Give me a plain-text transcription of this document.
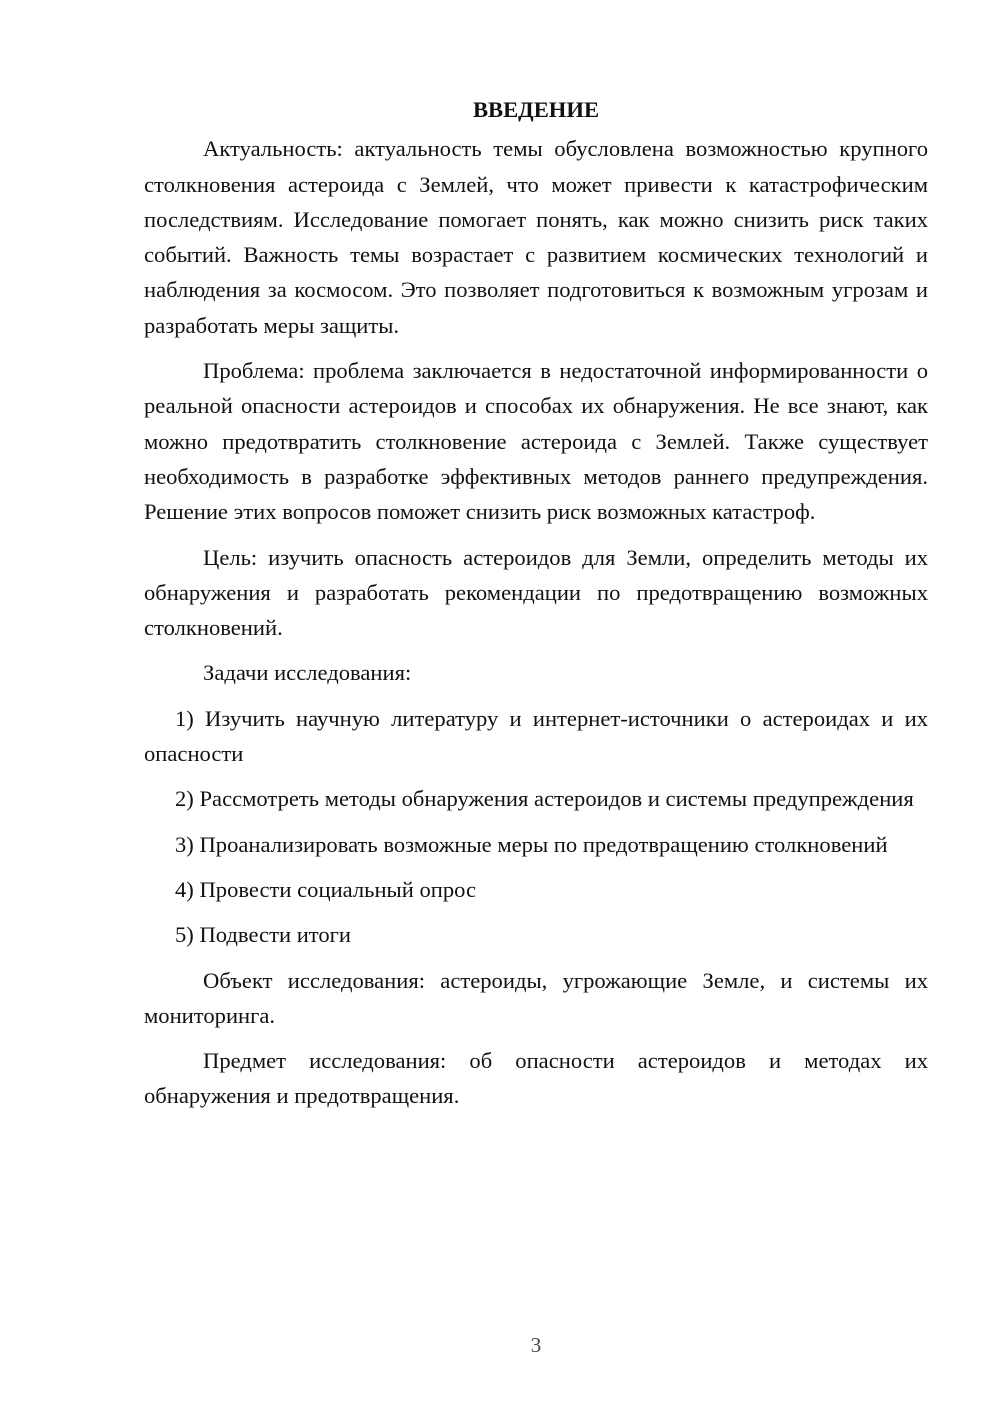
ВВЕДЕНИЕ

Актуальность: актуальность темы обусловлена возможностью крупного столкновения астероида с Землей, что может привести к катастрофическим последствиям. Исследование помогает понять, как можно снизить риск таких событий. Важность темы возрастает с развитием космических технологий и наблюдения за космосом. Это позволяет подготовиться к возможным угрозам и разработать меры защиты.

Проблема: проблема заключается в недостаточной информированности о реальной опасности астероидов и способах их обнаружения. Не все знают, как можно предотвратить столкновение астероида с Землей. Также существует необходимость в разработке эффективных методов раннего предупреждения. Решение этих вопросов поможет снизить риск возможных катастроф.

Цель: изучить опасность астероидов для Земли, определить методы их обнаружения и разработать рекомендации по предотвращению возможных столкновений.

Задачи исследования:

1) Изучить научную литературу и интернет-источники о астероидах и их опасности

2) Рассмотреть методы обнаружения астероидов и системы предупреждения

3) Проанализировать возможные меры по предотвращению столкновений

4) Провести социальный опрос

5) Подвести итоги

Объект исследования: астероиды, угрожающие Земле, и системы их мониторинга.

Предмет исследования: об опасности астероидов и методах их обнаружения и предотвращения.

3
